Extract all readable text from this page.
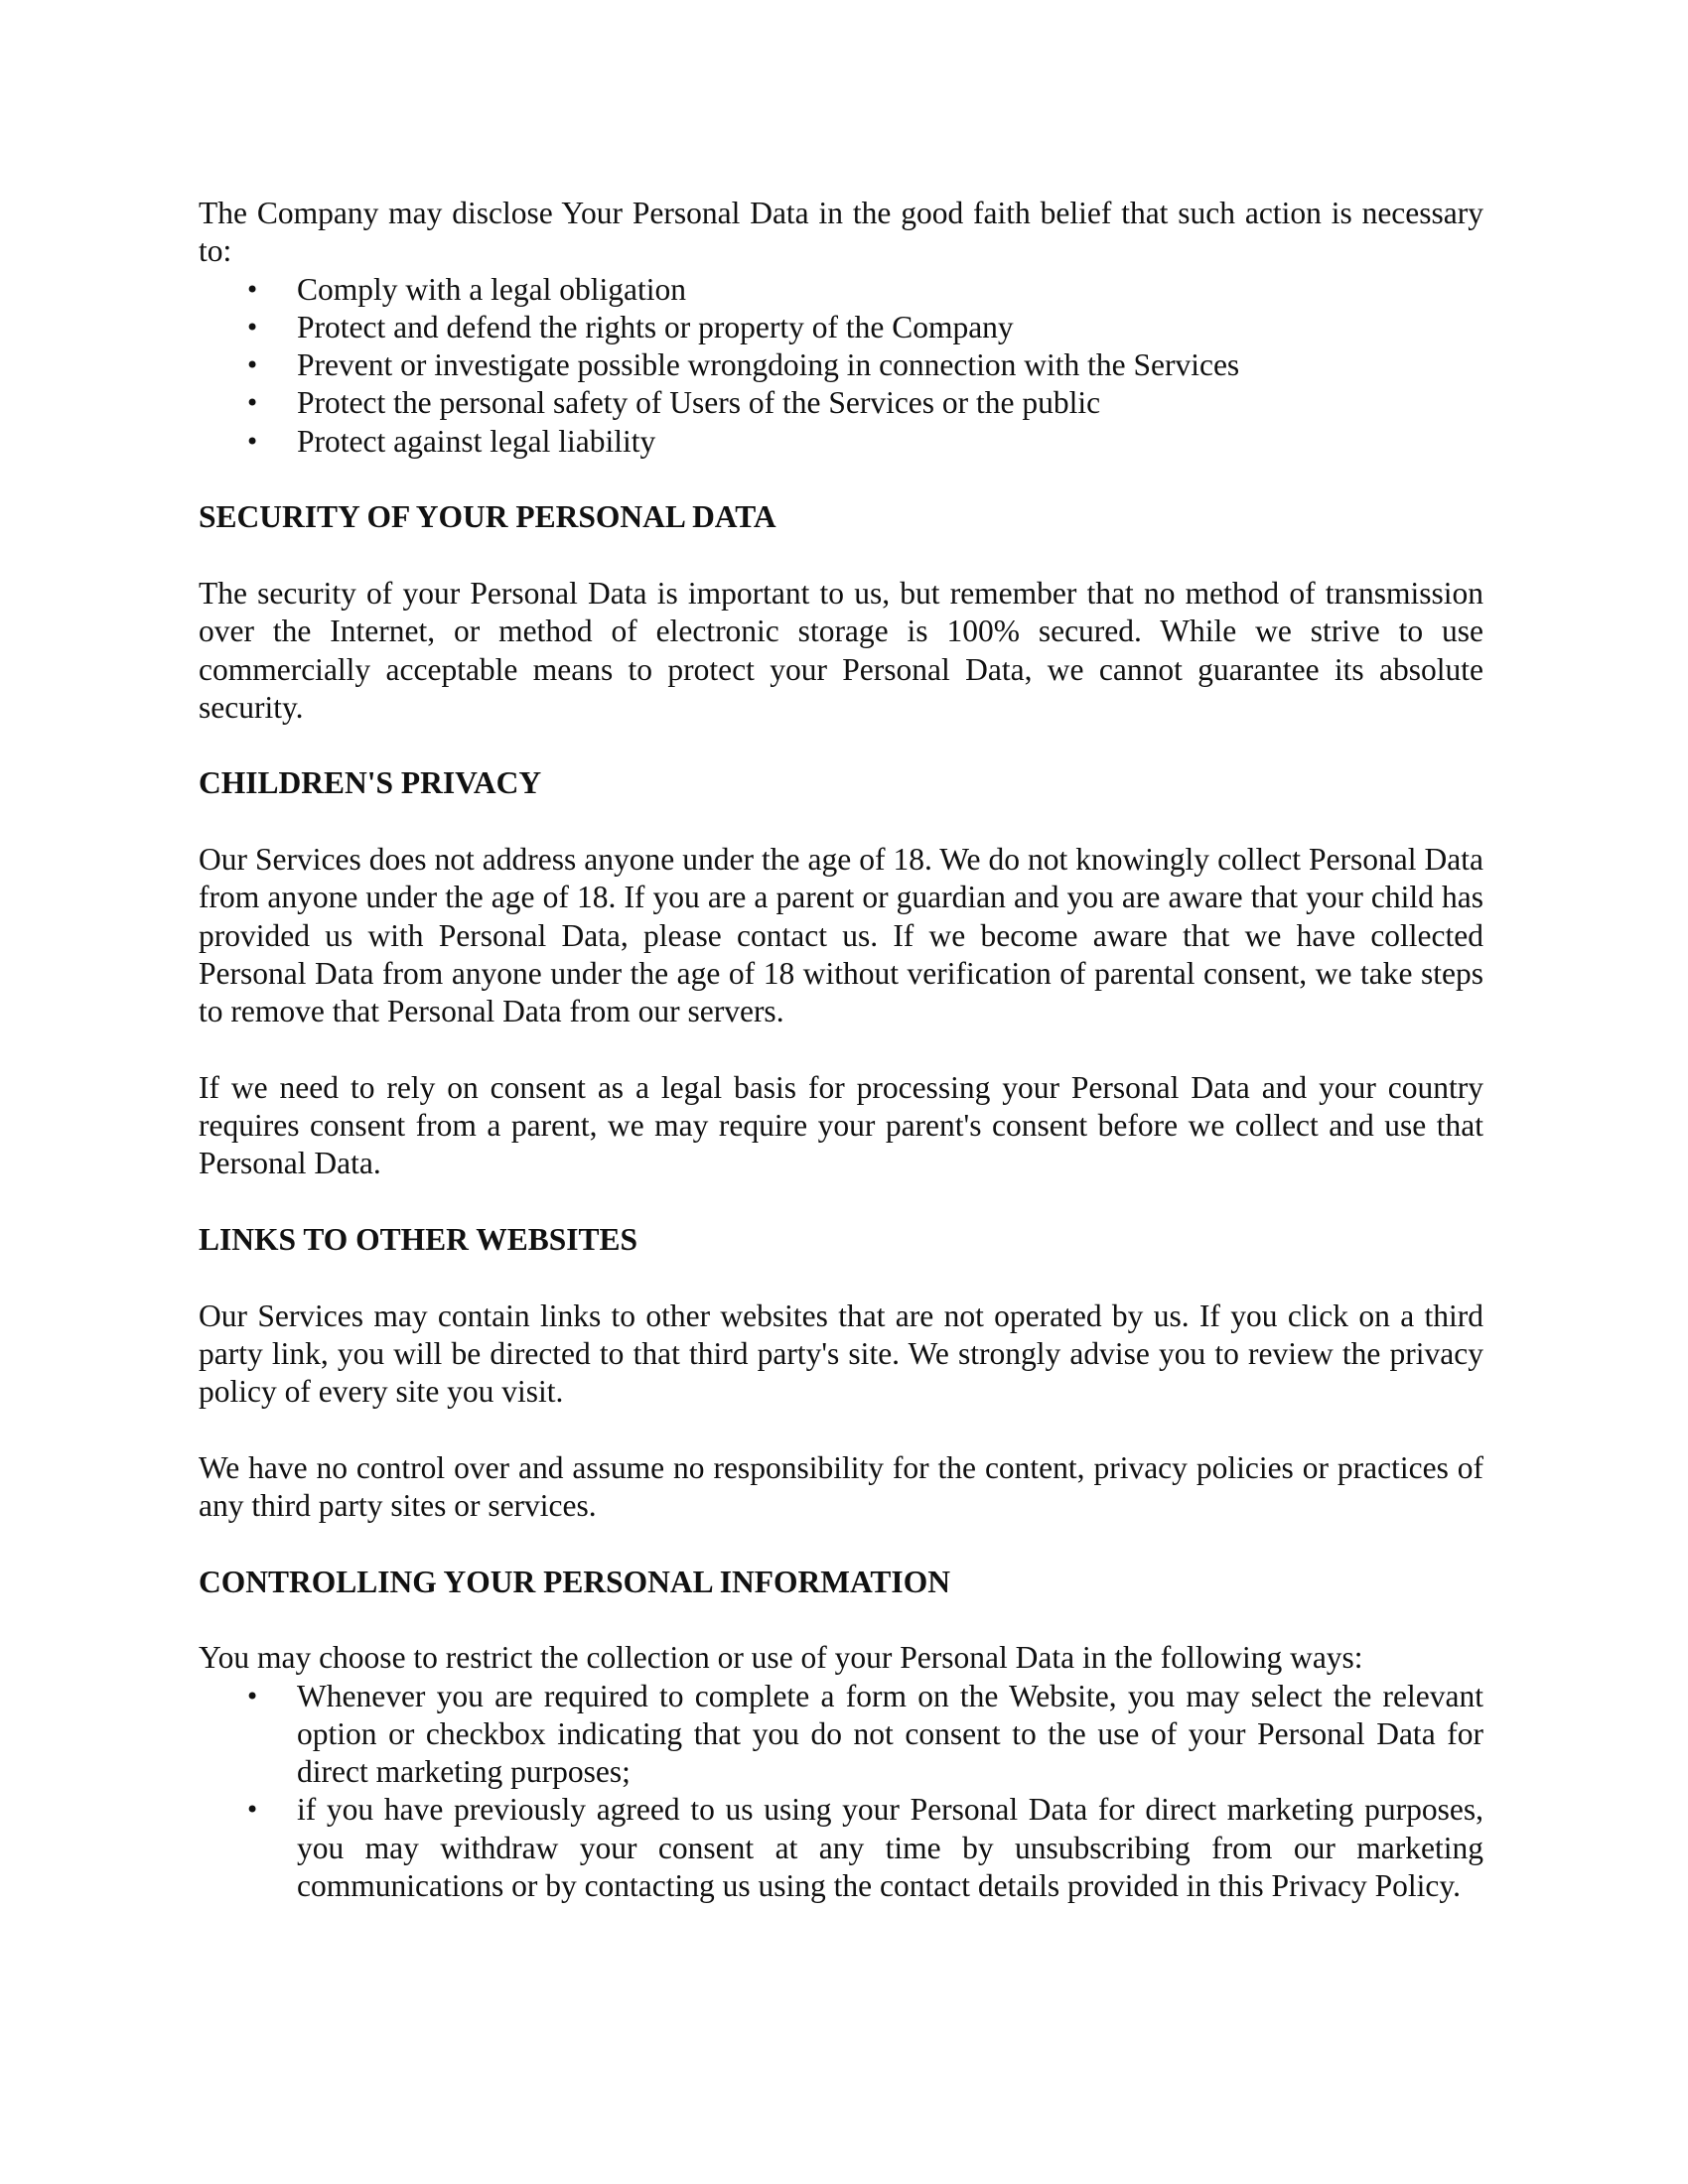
The Company may disclose Your Personal Data in the good faith belief that such action is necessary to:

• Comply with a legal obligation
• Protect and defend the rights or property of the Company
• Prevent or investigate possible wrongdoing in connection with the Services
• Protect the personal safety of Users of the Services or the public
• Protect against legal liability
SECURITY OF YOUR PERSONAL DATA

The security of your Personal Data is important to us, but remember that no method of transmission over the Internet, or method of electronic storage is 100% secured. While we strive to use commercially acceptable means to protect your Personal Data, we cannot guarantee its absolute security.

CHILDREN'S PRIVACY

Our Services does not address anyone under the age of 18. We do not knowingly collect Personal Data from anyone under the age of 18. If you are a parent or guardian and you are aware that your child has provided us with Personal Data, please contact us. If we become aware that we have collected Personal Data from anyone under the age of 18 without verification of parental consent, we take steps to remove that Personal Data from our servers.

If we need to rely on consent as a legal basis for processing your Personal Data and your country requires consent from a parent, we may require your parent's consent before we collect and use that Personal Data.

LINKS TO OTHER WEBSITES

Our Services may contain links to other websites that are not operated by us. If you click on a third party link, you will be directed to that third party's site. We strongly advise you to review the privacy policy of every site you visit.

We have no control over and assume no responsibility for the content, privacy policies or practices of any third party sites or services.

CONTROLLING YOUR PERSONAL INFORMATION

You may choose to restrict the collection or use of your Personal Data in the following ways:

• Whenever you are required to complete a form on the Website, you may select the relevant option or checkbox indicating that you do not consent to the use of your Personal Data for direct marketing purposes;
• if you have previously agreed to us using your Personal Data for direct marketing purposes, you may withdraw your consent at any time by unsubscribing from our marketing communications or by contacting us using the contact details provided in this Privacy Policy.
